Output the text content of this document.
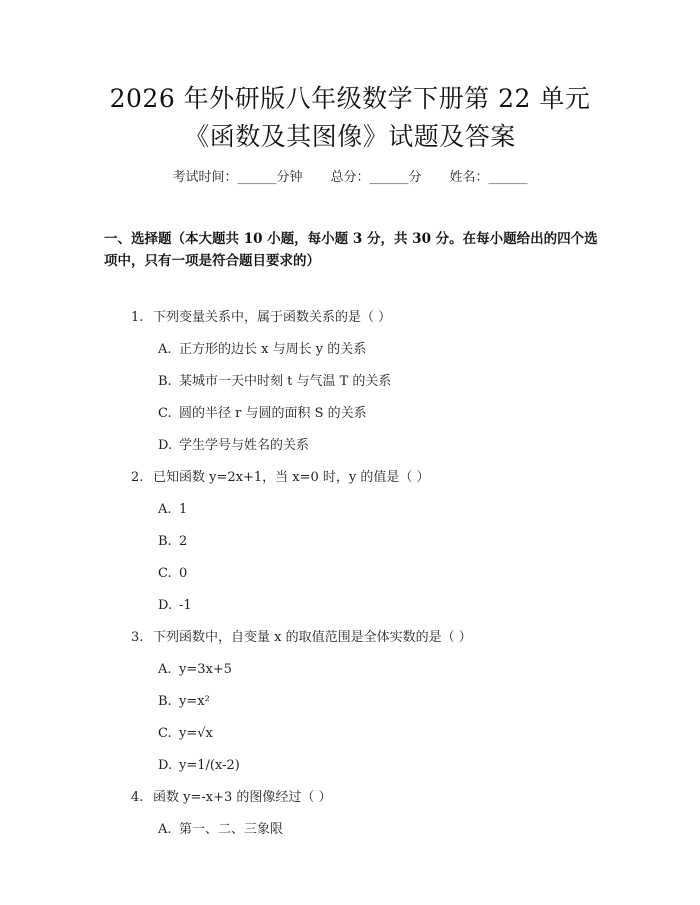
2026 年外研版八年级数学下册第 22 单元
《函数及其图像》试题及答案
考试时间：______分钟 总分：______分 姓名：______
一、选择题（本大题共 10 小题，每小题 3 分，共 30 分。在每小题给出的四个选
项中，只有一项是符合题目要求的）
1. 下列变量关系中，属于函数关系的是（ ）
A. 正方形的边长 x 与周长 y 的关系
B. 某城市一天中时刻 t 与气温 T 的关系
C. 圆的半径 r 与圆的面积 S 的关系
D. 学生学号与姓名的关系
2. 已知函数 y=2x+1，当 x=0 时，y 的值是（ ）
A. 1
B. 2
C. 0
D. -1
3. 下列函数中，自变量 x 的取值范围是全体实数的是（ ）
A. y=3x+5
B. y=x²
C. y=√x
D. y=1/(x-2)
4. 函数 y=-x+3 的图像经过（ ）
A. 第一、二、三象限
